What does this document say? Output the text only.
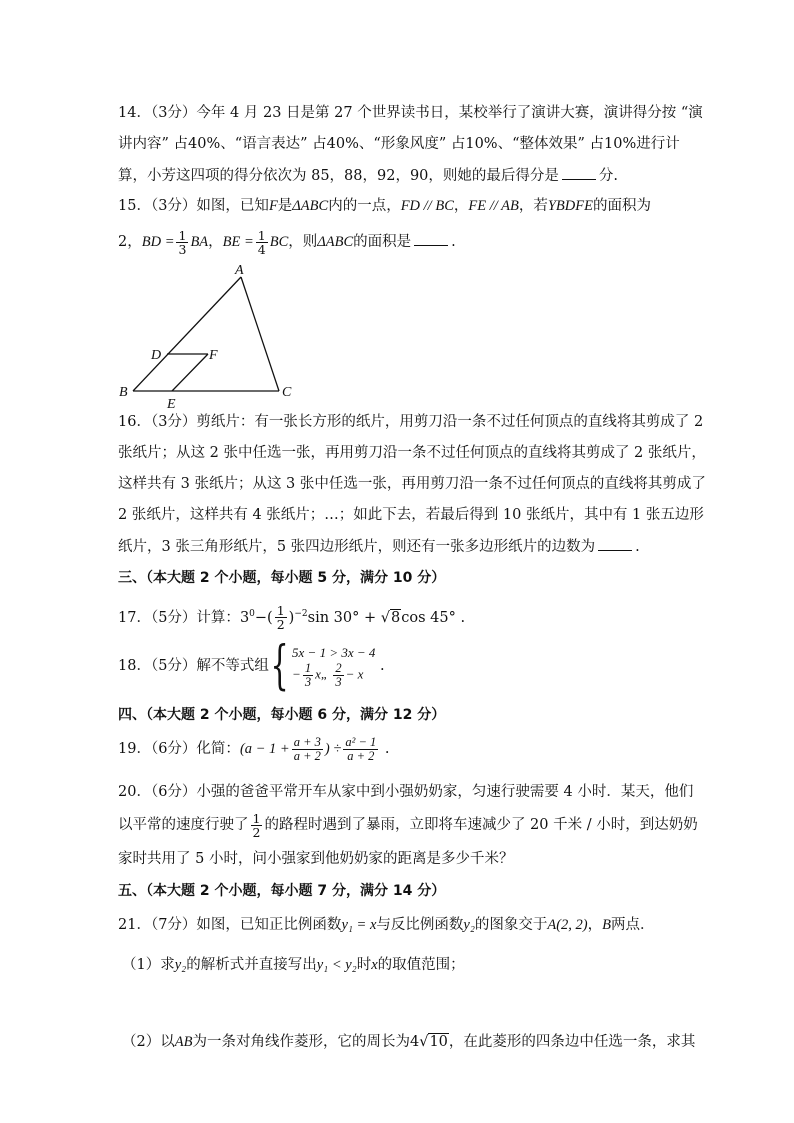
14．（3分）今年 4 月 23 日是第 27 个世界读书日，某校举行了演讲大赛，演讲得分按 “演
讲内容” 占40%、“语言表达” 占40%、“形象风度” 占10%、“整体效果” 占10%进行计
算，小芳这四项的得分依次为 85，88，92，90，则她的最后得分是	分.
15．（3分）如图，已知F是ΔABC内的一点，FD // BC，FE // AB，若YBDFE的面积为
2，BD = $\frac{1}{3}$ BA，BE = $\frac{1}{4}$ BC，则ΔABC的面积是	.
A
B	C
D
E
F
16．（3分）剪纸片：有一张长方形的纸片，用剪刀沿一条不过任何顶点的直线将其剪成了 2
张纸片；从这 2 张中任选一张，再用剪刀沿一条不过任何顶点的直线将其剪成了 2 张纸片，
这样共有 3 张纸片；从这 3 张中任选一张，再用剪刀沿一条不过任何顶点的直线将其剪成了
2 张纸片，这样共有 4 张纸片；…；如此下去，若最后得到 10 张纸片，其中有 1 张五边形
纸片，3 张三角形纸片，5 张四边形纸片，则还有一张多边形纸片的边数为	.
三、（本大题 2 个小题，每小题 5 分，满分 10 分）
17．（5分）计算：$3^0-( \frac{1}{2} )^{-2}\sin$ 30° + √8cos 45° .
18．（5分）解不等式组 { 5x − 1 > 3x − 4
− $\frac{1}{3}$ x„ $\frac{2}{3} - x$	.
四、（本大题 2 个小题，每小题 6 分，满分 12 分）
19．（6分）化简：($a - 1 + \frac{a + 3}{a + 2}$ ) ÷ $\frac{\text{a² − 1}}{a + 2}$ .
20．（6分）小强的爸爸平常开车从家中到小强奶奶家，匀速行驶需要 4 小时．某天，他们
以平常的速度行驶了 $\frac{1}{2}$ 的路程时遇到了暴雨，立即将车速减少了 20 千米 / 小时，到达奶奶
家时共用了 5 小时，问小强家到他奶奶家的距离是多少千米？
五、（本大题 2 个小题，每小题 7 分，满分 14 分）
21．（7分）如图，已知正比例函数y₁ = x与反比例函数y₂的图象交于A(2, 2)，B两点．
（1）求y₂的解析式并直接写出y₁ < y₂时x的取值范围；
（2）以AB为一条对角线作菱形，它的周长为4√10，在此菱形的四条边中任选一条，求其
